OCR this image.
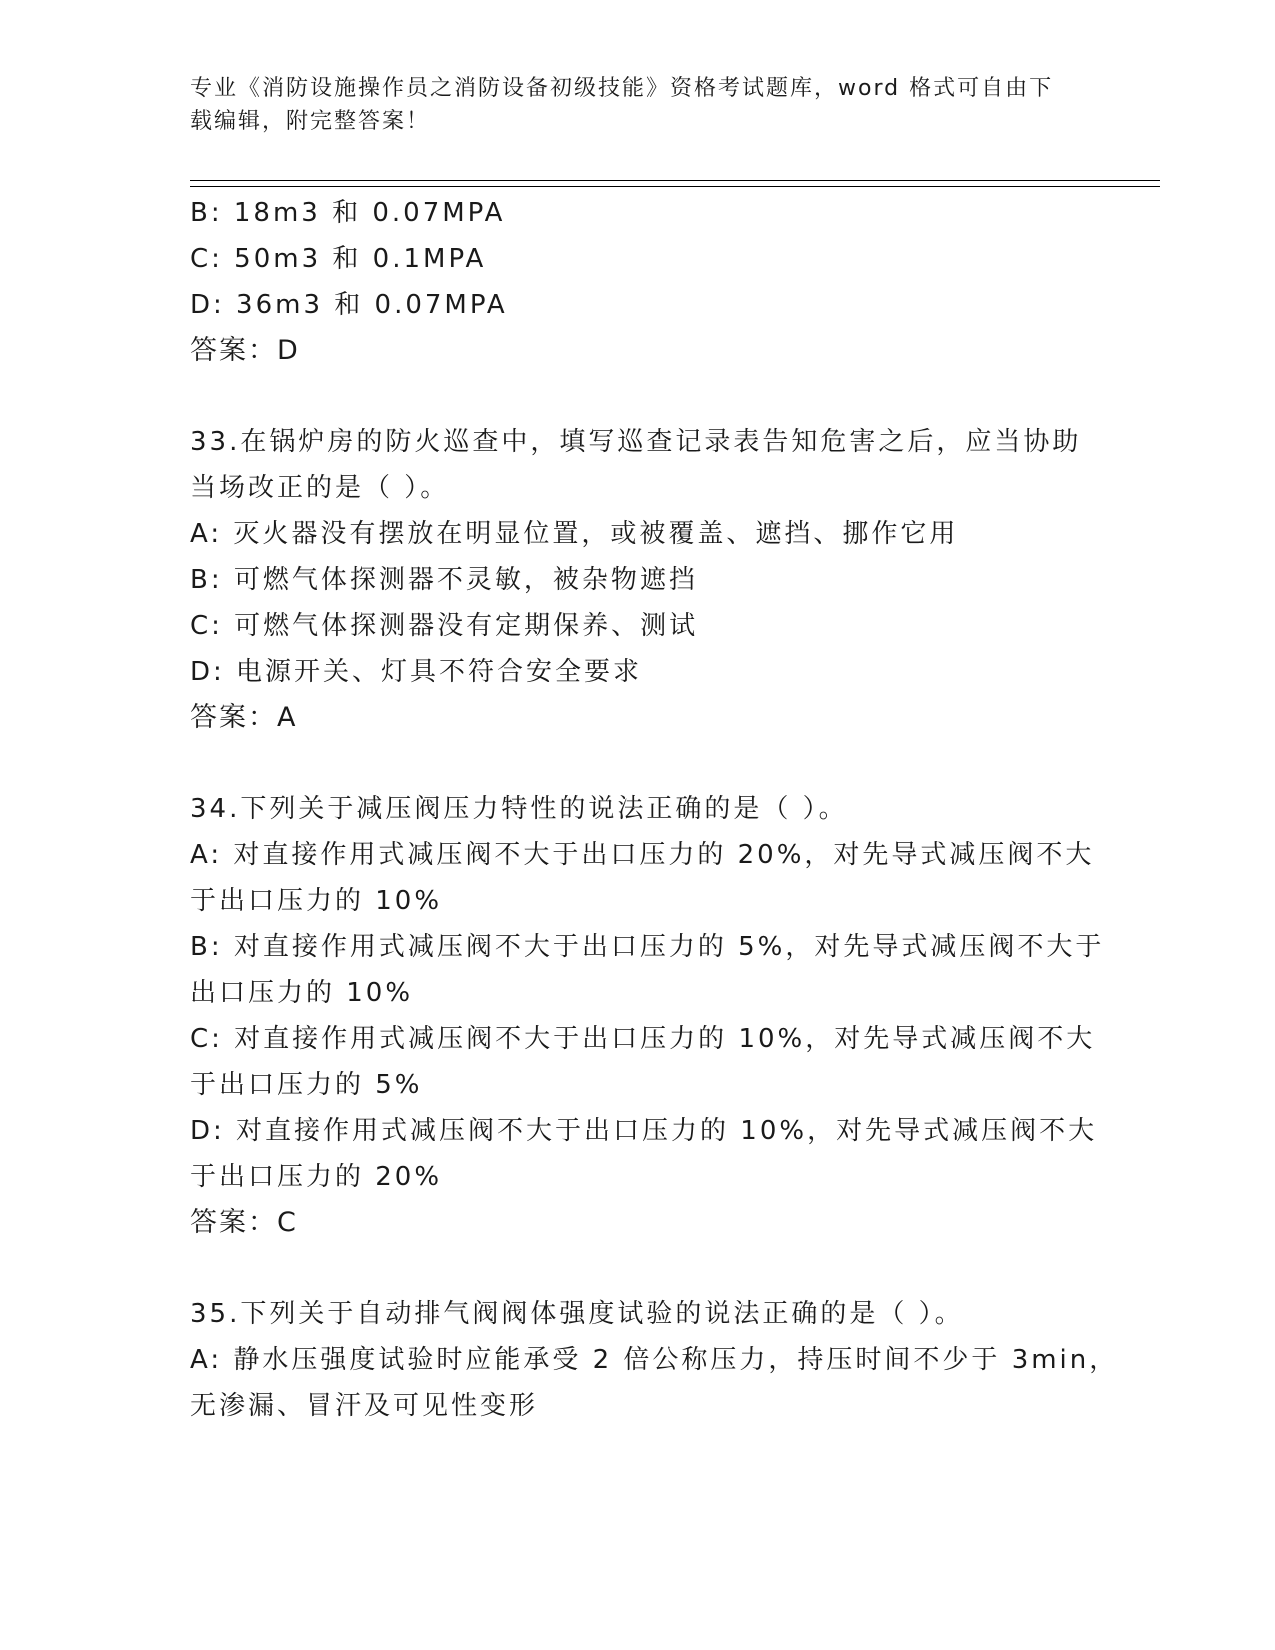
专业《消防设施操作员之消防设备初级技能》资格考试题库，word 格式可自由下
载编辑，附完整答案！
B: 18m3 和 0.07MPA
C: 50m3 和 0.1MPA
D: 36m3 和 0.07MPA
答案：D
33.在锅炉房的防火巡查中，填写巡查记录表告知危害之后，应当协助
当场改正的是（ ）。
A: 灭火器没有摆放在明显位置，或被覆盖、遮挡、挪作它用
B: 可燃气体探测器不灵敏，被杂物遮挡
C: 可燃气体探测器没有定期保养、测试
D: 电源开关、灯具不符合安全要求
答案：A
34.下列关于减压阀压力特性的说法正确的是（ ）。
A: 对直接作用式减压阀不大于出口压力的 20%，对先导式减压阀不大
于出口压力的 10%
B: 对直接作用式减压阀不大于出口压力的 5%，对先导式减压阀不大于
出口压力的 10%
C: 对直接作用式减压阀不大于出口压力的 10%，对先导式减压阀不大
于出口压力的 5%
D: 对直接作用式减压阀不大于出口压力的 10%，对先导式减压阀不大
于出口压力的 20%
答案：C
35.下列关于自动排气阀阀体强度试验的说法正确的是（ ）。
A: 静水压强度试验时应能承受 2 倍公称压力，持压时间不少于 3min，
无渗漏、冒汗及可见性变形
